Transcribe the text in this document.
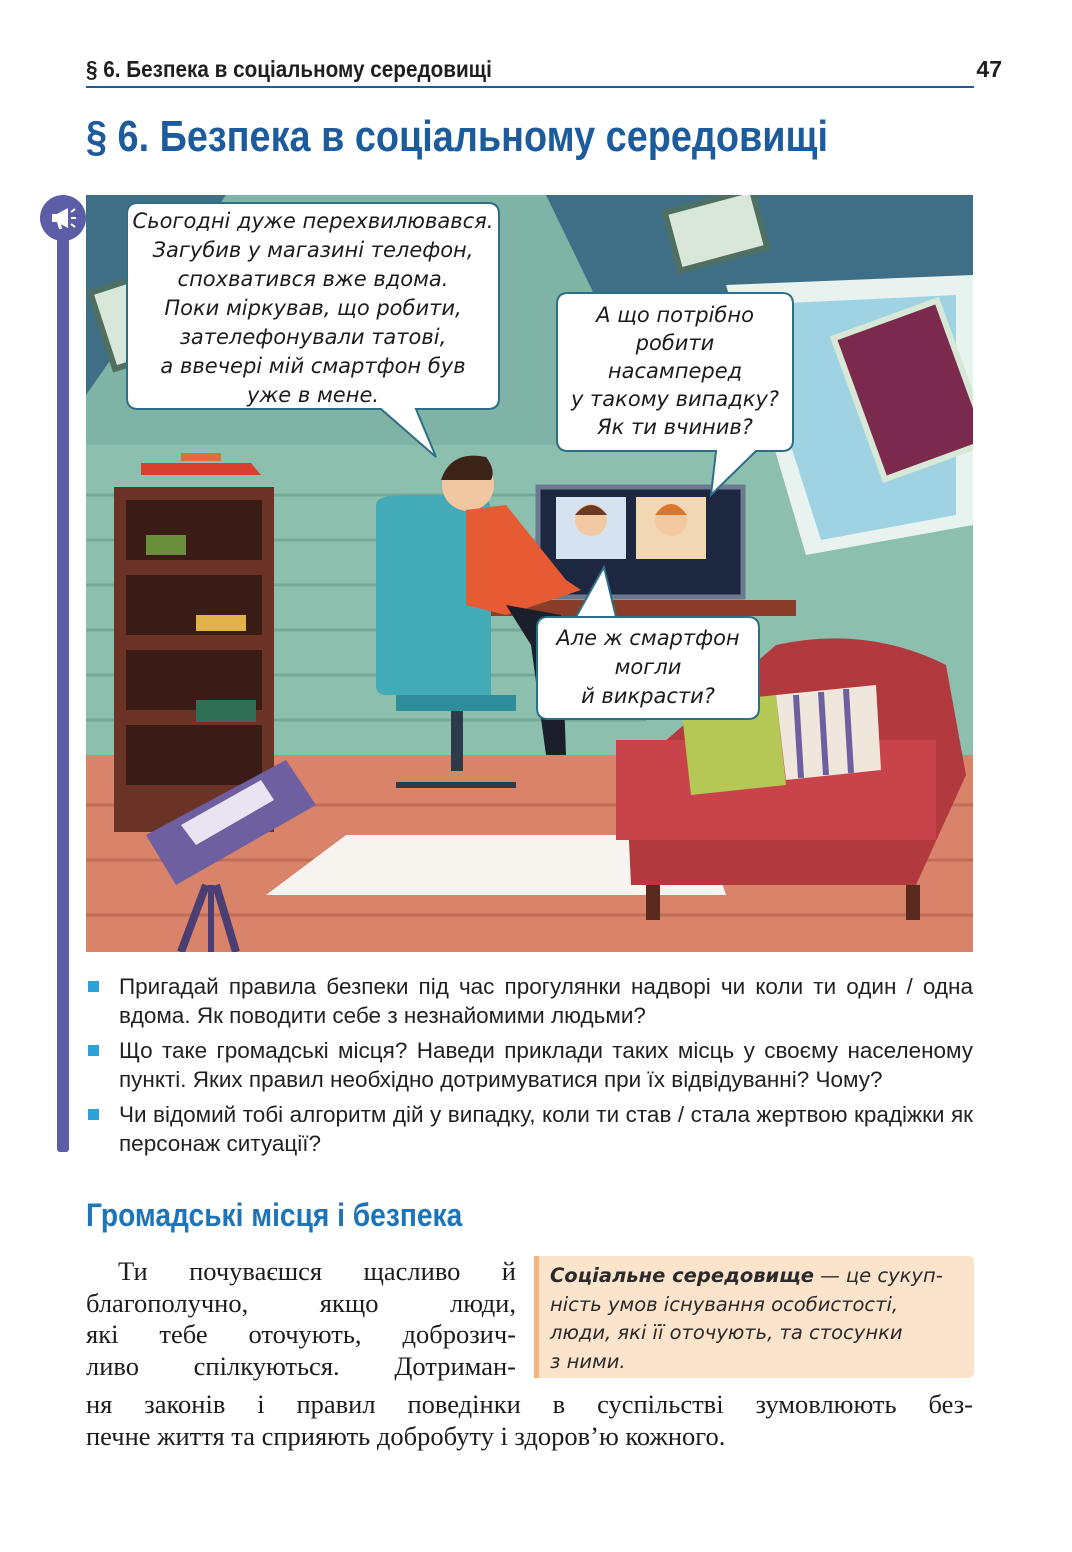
§ 6. Безпека в соціальному середовищі	47
§ 6. Безпека в соціальному середовищі
Сьогодні дуже перехвилювався.
Загубив у магазині телефон,
спохватився вже вдома.
Поки міркував, що робити,
зателефонували татові,
а ввечері мій смартфон був
уже в мене.
А що потрібно
робити
насамперед
у такому випадку?
Як ти вчинив?
Але ж смартфон
могли
й викрасти?
Пригадай правила безпеки під час прогулянки надворі чи коли ти один / одна вдома. Як поводити себе з незнайомими людьми?
Що таке громадські місця? Наведи приклади таких місць у своєму населеному пункті. Яких правил необхідно дотримуватися при їх відвідуванні? Чому?
Чи відомий тобі алгоритм дій у випадку, коли ти став / стала жертвою крадіжки як персонаж ситуації?
Громадські місця і безпека
Ти почуваєшся щасливо й
благополучно, якщо люди,
які тебе оточують, доброзич-
ливо спілкуються. Дотриман-
Соціальне середовище — це сукуп-
ність умов існування особистості,
люди, які її оточують, та стосунки
з ними.
ня законів і правил поведінки в суспільстві зумовлюють без-
печне життя та сприяють добробуту і здоров’ю кожного.
